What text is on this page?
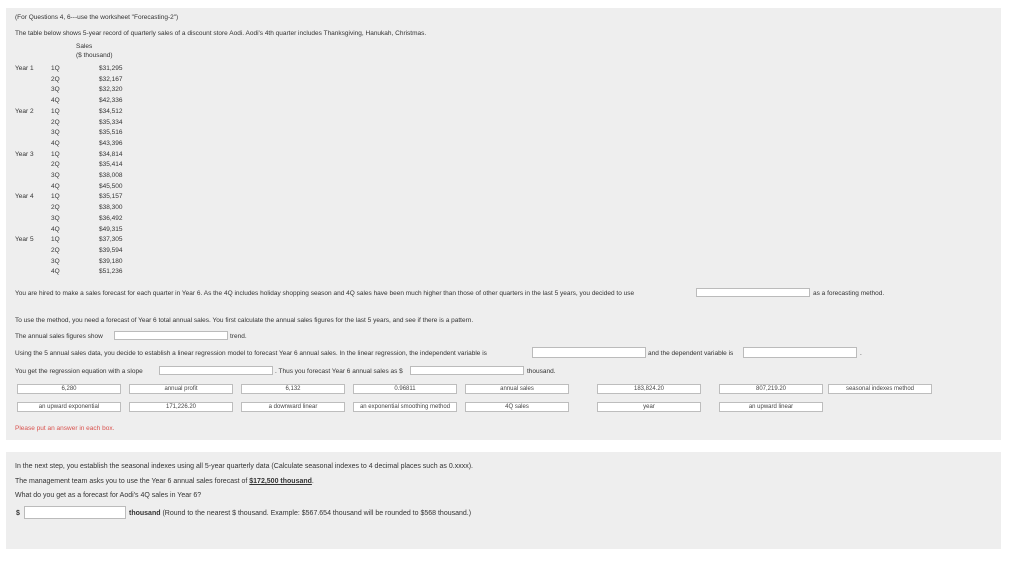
(For Questions 4, 6---use the worksheet "Forecasting-2")
The table below shows 5-year record of quarterly sales of a discount store Aodi. Aodi's 4th quarter includes Thanksgiving, Hanukah, Christmas.
Sales
($ thousand)
Year 1	1Q	$31,295
2Q	$32,167
3Q	$32,320
4Q	$42,336
Year 2	1Q	$34,512
2Q	$35,334
3Q	$35,516
4Q	$43,396
Year 3	1Q	$34,814
2Q	$35,414
3Q	$38,008
4Q	$45,500
Year 4	1Q	$35,157
2Q	$38,300
3Q	$36,492
4Q	$49,315
Year 5	1Q	$37,305
2Q	$39,594
3Q	$39,180
4Q	$51,236
You are hired to make a sales forecast for each quarter in Year 6. As the 4Q includes holiday shopping season and 4Q sales have been much higher than those of other quarters in the last 5 years, you decided to use	as a forecasting method.
To use the method, you need a forecast of Year 6 total annual sales. You first calculate the annual sales figures for the last 5 years, and see if there is a pattern.
The annual sales figures show	trend.
Using the 5 annual sales data, you decide to establish a linear regression model to forecast Year 6 annual sales. In the linear regression, the independent variable is	and the dependent variable is	.
You get the regression equation with a slope	. Thus you forecast Year 6 annual sales as $	thousand.
6,280	annual profit	6,132	0.96811	annual sales	183,824.20	807,219.20	seasonal indexes method
an upward exponential	171,226.20	a downward linear	an exponential smoothing method	4Q sales	year	an upward linear
Please put an answer in each box.
In the next step, you establish the seasonal indexes using all 5-year quarterly data (Calculate seasonal indexes to 4 decimal places such as 0.xxxx).
The management team asks you to use the Year 6 annual sales forecast of $172,500 thousand.
What do you get as a forecast for Aodi's 4Q sales in Year 6?
$	thousand (Round to the nearest $ thousand. Example: $567.654 thousand will be rounded to $568 thousand.)
